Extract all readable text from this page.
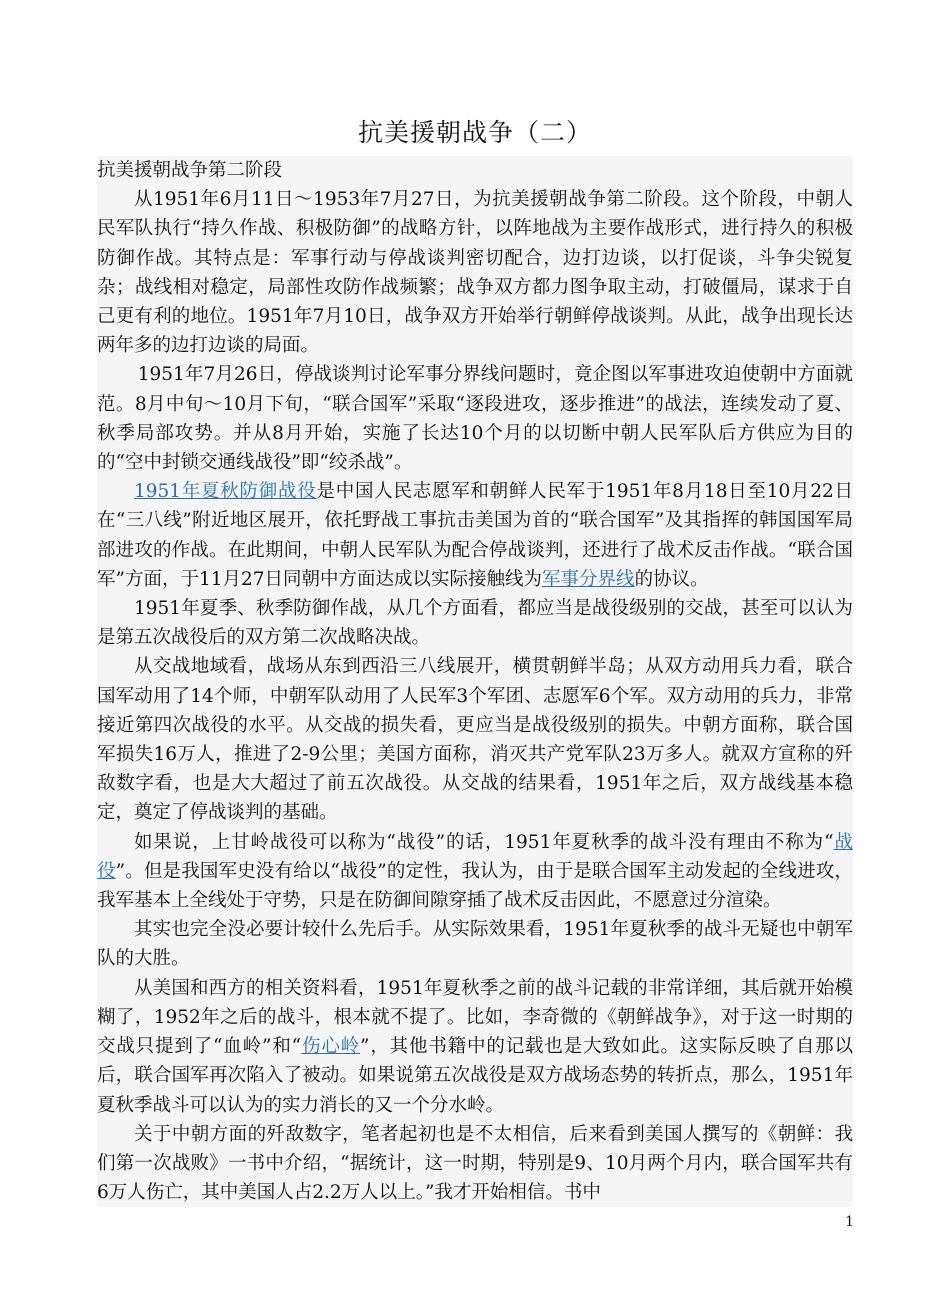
抗美援朝战争（二）

抗美援朝战争第二阶段

从1951年6月11日～1953年7月27日，为抗美援朝战争第二阶段。这个阶段，中朝人民军队执行“持久作战、积极防御”的战略方针，以阵地战为主要作战形式，进行持久的积极防御作战。其特点是：军事行动与停战谈判密切配合，边打边谈，以打促谈，斗争尖锐复杂；战线相对稳定，局部性攻防作战频繁；战争双方都力图争取主动，打破僵局，谋求于自己更有利的地位。1951年7月10日，战争双方开始举行朝鲜停战谈判。从此，战争出现长达两年多的边打边谈的局面。

1951年7月26日，停战谈判讨论军事分界线问题时，竟企图以军事进攻迫使朝中方面就范。8月中旬～10月下旬，“联合国军”采取“逐段进攻，逐步推进”的战法，连续发动了夏、秋季局部攻势。并从8月开始，实施了长达10个月的以切断中朝人民军队后方供应为目的的“空中封锁交通线战役”即“绞杀战”。

1951年夏秋防御战役是中国人民志愿军和朝鲜人民军于1951年8月18日至10月22日在“三八线”附近地区展开，依托野战工事抗击美国为首的“联合国军”及其指挥的韩国国军局部进攻的作战。在此期间，中朝人民军队为配合停战谈判，还进行了战术反击作战。“联合国军”方面，于11月27日同朝中方面达成以实际接触线为军事分界线的协议。

1951年夏季、秋季防御作战，从几个方面看，都应当是战役级别的交战，甚至可以认为是第五次战役后的双方第二次战略决战。

从交战地域看，战场从东到西沿三八线展开，横贯朝鲜半岛；从双方动用兵力看，联合国军动用了14个师，中朝军队动用了人民军3个军团、志愿军6个军。双方动用的兵力，非常接近第四次战役的水平。从交战的损失看，更应当是战役级别的损失。中朝方面称，联合国军损失16万人，推进了2-9公里；美国方面称，消灭共产党军队23万多人。就双方宣称的歼敌数字看，也是大大超过了前五次战役。从交战的结果看，1951年之后，双方战线基本稳定，奠定了停战谈判的基础。

如果说，上甘岭战役可以称为“战役”的话，1951年夏秋季的战斗没有理由不称为“战役”。但是我国军史没有给以“战役”的定性，我认为，由于是联合国军主动发起的全线进攻，我军基本上全线处于守势，只是在防御间隙穿插了战术反击因此，不愿意过分渲染。

其实也完全没必要计较什么先后手。从实际效果看，1951年夏秋季的战斗无疑也中朝军队的大胜。

从美国和西方的相关资料看，1951年夏秋季之前的战斗记载的非常详细，其后就开始模糊了，1952年之后的战斗，根本就不提了。比如，李奇微的《朝鲜战争》，对于这一时期的交战只提到了“血岭”和“伤心岭”，其他书籍中的记载也是大致如此。这实际反映了自那以后，联合国军再次陷入了被动。如果说第五次战役是双方战场态势的转折点，那么，1951年夏秋季战斗可以认为的实力消长的又一个分水岭。

关于中朝方面的歼敌数字，笔者起初也是不太相信，后来看到美国人撰写的《朝鲜：我们第一次战败》一书中介绍，“据统计，这一时期，特别是9、10月两个月内，联合国军共有6万人伤亡，其中美国人占2.2万人以上。”我才开始相信。书中

1
